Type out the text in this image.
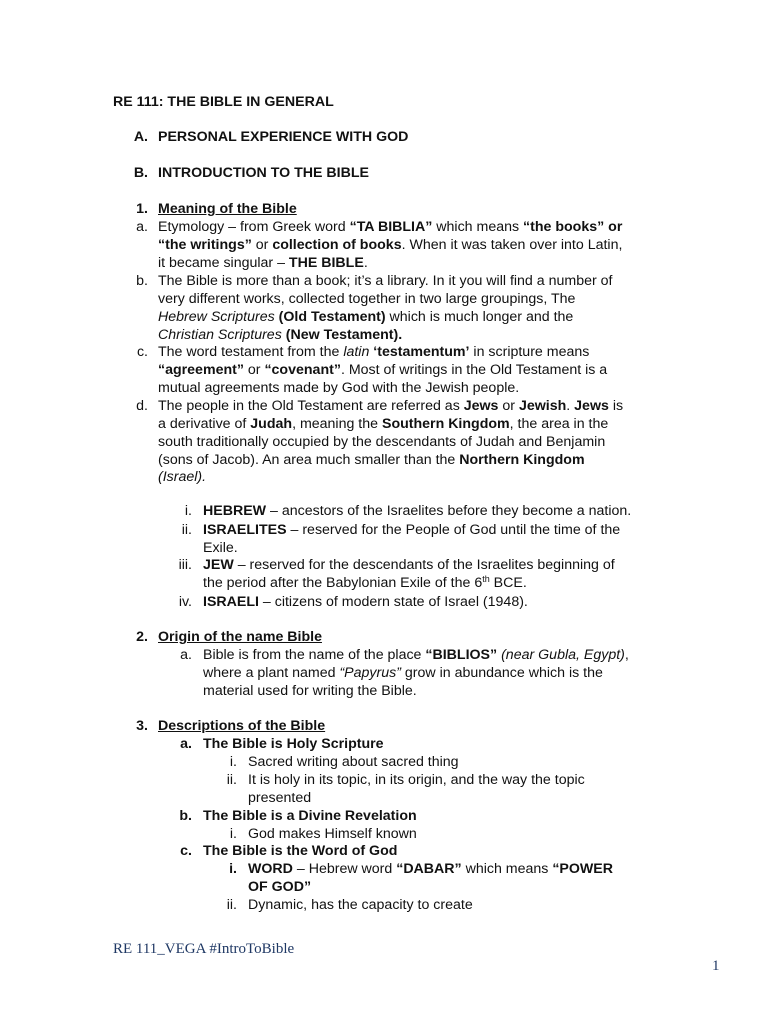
RE 111: THE BIBLE IN GENERAL
A. PERSONAL EXPERIENCE WITH GOD
B. INTRODUCTION TO THE BIBLE
1. Meaning of the Bible
a. Etymology – from Greek word “TA BIBLIA” which means “the books” or
“the writings” or collection of books. When it was taken over into Latin,
it became singular – THE BIBLE.
b. The Bible is more than a book; it’s a library. In it you will find a number of
very different works, collected together in two large groupings, The
Hebrew Scriptures (Old Testament) which is much longer and the
Christian Scriptures (New Testament).
c. The word testament from the latin ‘testamentum’ in scripture means
“agreement” or “covenant”. Most of writings in the Old Testament is a
mutual agreements made by God with the Jewish people.
d. The people in the Old Testament are referred as Jews or Jewish. Jews is
a derivative of Judah, meaning the Southern Kingdom, the area in the
south traditionally occupied by the descendants of Judah and Benjamin
(sons of Jacob). An area much smaller than the Northern Kingdom
(Israel).
i. HEBREW – ancestors of the Israelites before they become a nation.
ii. ISRAELITES – reserved for the People of God until the time of the
Exile.
iii. JEW – reserved for the descendants of the Israelites beginning of
the period after the Babylonian Exile of the 6th BCE.
iv. ISRAELI – citizens of modern state of Israel (1948).
2. Origin of the name Bible
a. Bible is from the name of the place “BIBLIOS” (near Gubla, Egypt),
where a plant named “Papyrus” grow in abundance which is the
material used for writing the Bible.
3. Descriptions of the Bible
a. The Bible is Holy Scripture
i. Sacred writing about sacred thing
ii. It is holy in its topic, in its origin, and the way the topic
presented
b. The Bible is a Divine Revelation
i. God makes Himself known
c. The Bible is the Word of God
i. WORD – Hebrew word “DABAR” which means “POWER
OF GOD”
ii. Dynamic, has the capacity to create
RE 111_VEGA #IntroToBible
1
